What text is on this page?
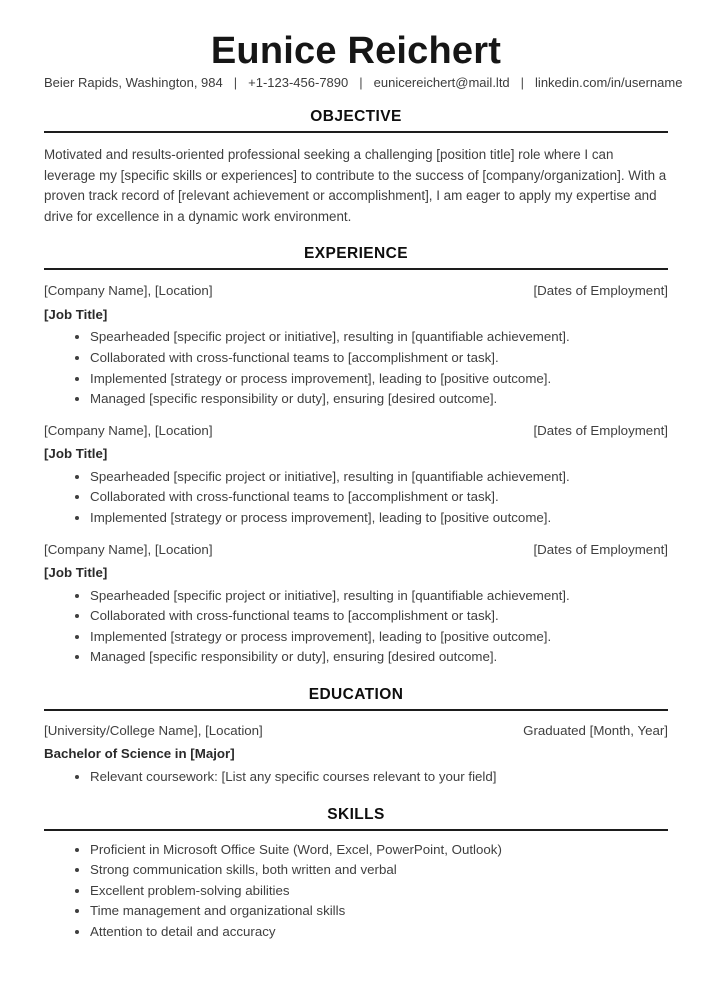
Eunice Reichert
Beier Rapids, Washington, 984 | +1-123-456-7890 | eunicereichert@mail.ltd | linkedin.com/in/username
OBJECTIVE

Motivated and results-oriented professional seeking a challenging [position title] role where I can leverage my [specific skills or experiences] to contribute to the success of [company/organization]. With a proven track record of [relevant achievement or accomplishment], I am eager to apply my expertise and drive for excellence in a dynamic work environment.

EXPERIENCE
[Company Name], [Location]	[Dates of Employment]
[Job Title]
• Spearheaded [specific project or initiative], resulting in [quantifiable achievement].
• Collaborated with cross-functional teams to [accomplishment or task].
• Implemented [strategy or process improvement], leading to [positive outcome].
• Managed [specific responsibility or duty], ensuring [desired outcome].
[Company Name], [Location]	[Dates of Employment]
[Job Title]
• Spearheaded [specific project or initiative], resulting in [quantifiable achievement].
• Collaborated with cross-functional teams to [accomplishment or task].
• Implemented [strategy or process improvement], leading to [positive outcome].
[Company Name], [Location]	[Dates of Employment]
[Job Title]
• Spearheaded [specific project or initiative], resulting in [quantifiable achievement].
• Collaborated with cross-functional teams to [accomplishment or task].
• Implemented [strategy or process improvement], leading to [positive outcome].
• Managed [specific responsibility or duty], ensuring [desired outcome].
EDUCATION
[University/College Name], [Location]	Graduated [Month, Year]
Bachelor of Science in [Major]
• Relevant coursework: [List any specific courses relevant to your field]
SKILLS
• Proficient in Microsoft Office Suite (Word, Excel, PowerPoint, Outlook)
• Strong communication skills, both written and verbal
• Excellent problem-solving abilities
• Time management and organizational skills
• Attention to detail and accuracy
